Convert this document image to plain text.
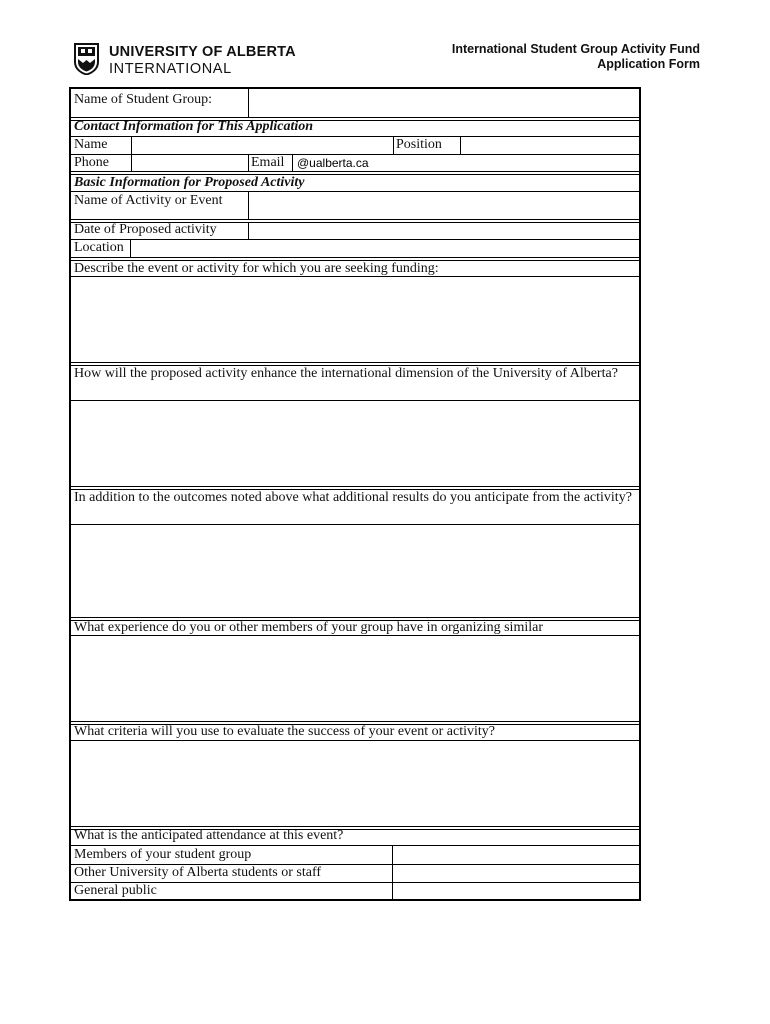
UNIVERSITY OF ALBERTA
INTERNATIONAL
International Student Group Activity Fund
Application Form
Name of Student Group:
Contact Information for This Application
Name	Position
Phone	Email @ualberta.ca
Basic Information for Proposed Activity
Name of Activity or Event
Date of Proposed activity
Location
Describe the event or activity for which you are seeking funding:
How will the proposed activity enhance the international dimension of the University of Alberta?
In addition to the outcomes noted above what additional results do you anticipate from the activity?
What experience do you or other members of your group have in organizing similar
What criteria will you use to evaluate the success of your event or activity?
What is the anticipated attendance at this event?
Members of your student group
Other University of Alberta students or staff
General public
